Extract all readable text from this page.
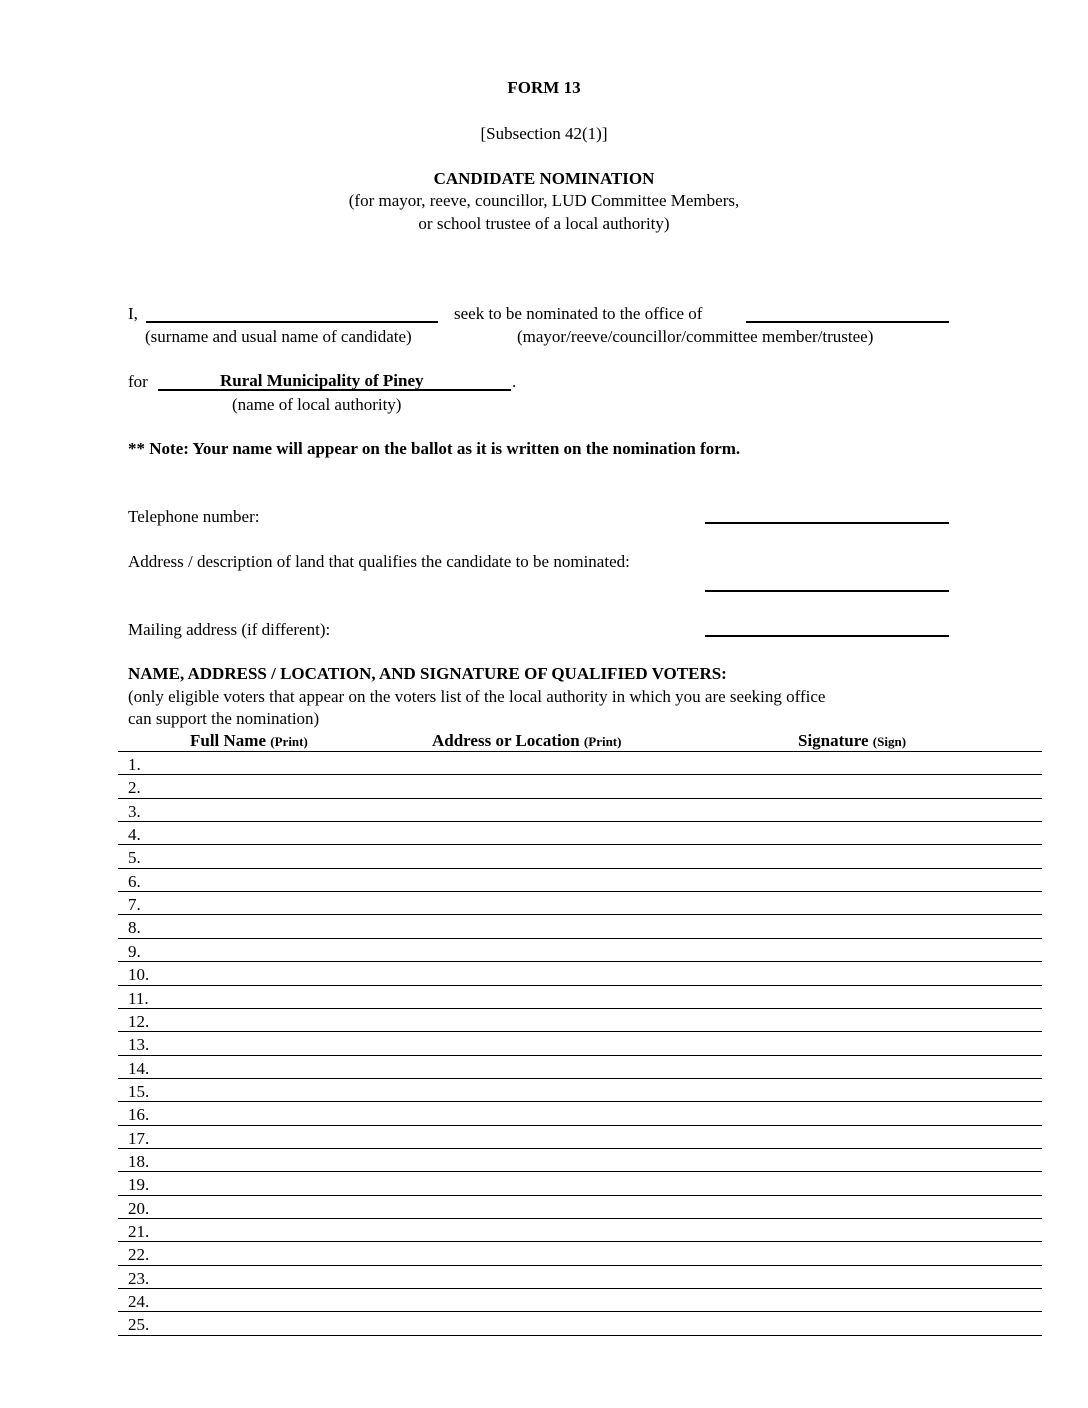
FORM 13
[Subsection 42(1)]
CANDIDATE NOMINATION
(for mayor, reeve, councillor, LUD Committee Members,
or school trustee of a local authority)
I,	seek to be nominated to the office of
(surname and usual name of candidate)	(mayor/reeve/councillor/committee member/trustee)
for	Rural Municipality of Piney	.
(name of local authority)
** Note: Your name will appear on the ballot as it is written on the nomination form.
Telephone number:
Address / description of land that qualifies the candidate to be nominated:
Mailing address (if different):
NAME, ADDRESS / LOCATION, AND SIGNATURE OF QUALIFIED VOTERS:
(only eligible voters that appear on the voters list of the local authority in which you are seeking office
can support the nomination)
Full Name (Print)	Address or Location (Print)	Signature (Sign)
1.
2.
3.
4.
5.
6.
7.
8.
9.
10.
11.
12.
13.
14.
15.
16.
17.
18.
19.
20.
21.
22.
23.
24.
25.
